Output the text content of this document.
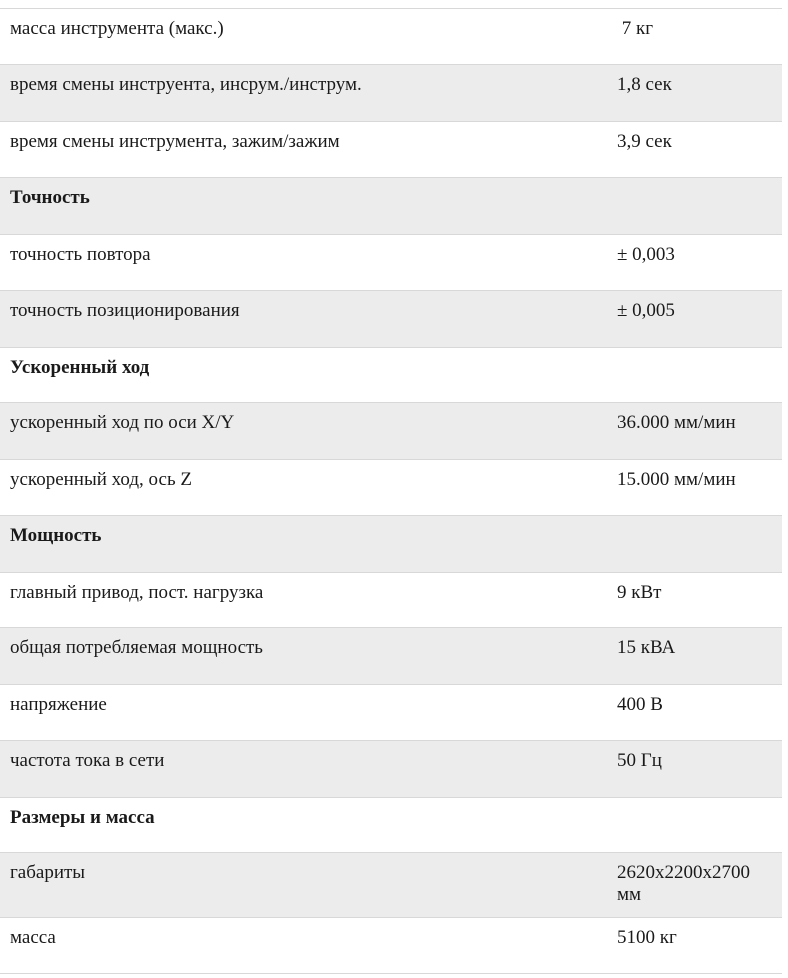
масса инструмента (макс.)	7 кг
время смены инструента, инсрум./инструм.	1,8 сек
время смены инструмента, зажим/зажим	3,9 сек
Точность	
точность повтора	± 0,003
точность позиционирования	± 0,005
Ускоренный ход	
ускоренный ход по оси X/Y	36.000 мм/мин
ускоренный ход, ось Z	15.000 мм/мин
Мощность	
главный привод, пост. нагрузка	9 кВт
общая потребляемая мощность	15 кВА
напряжение	400 В
частота тока в сети	50 Гц
Размеры и масса	
габариты	2620x2200x2700 мм
масса	5100 кг
